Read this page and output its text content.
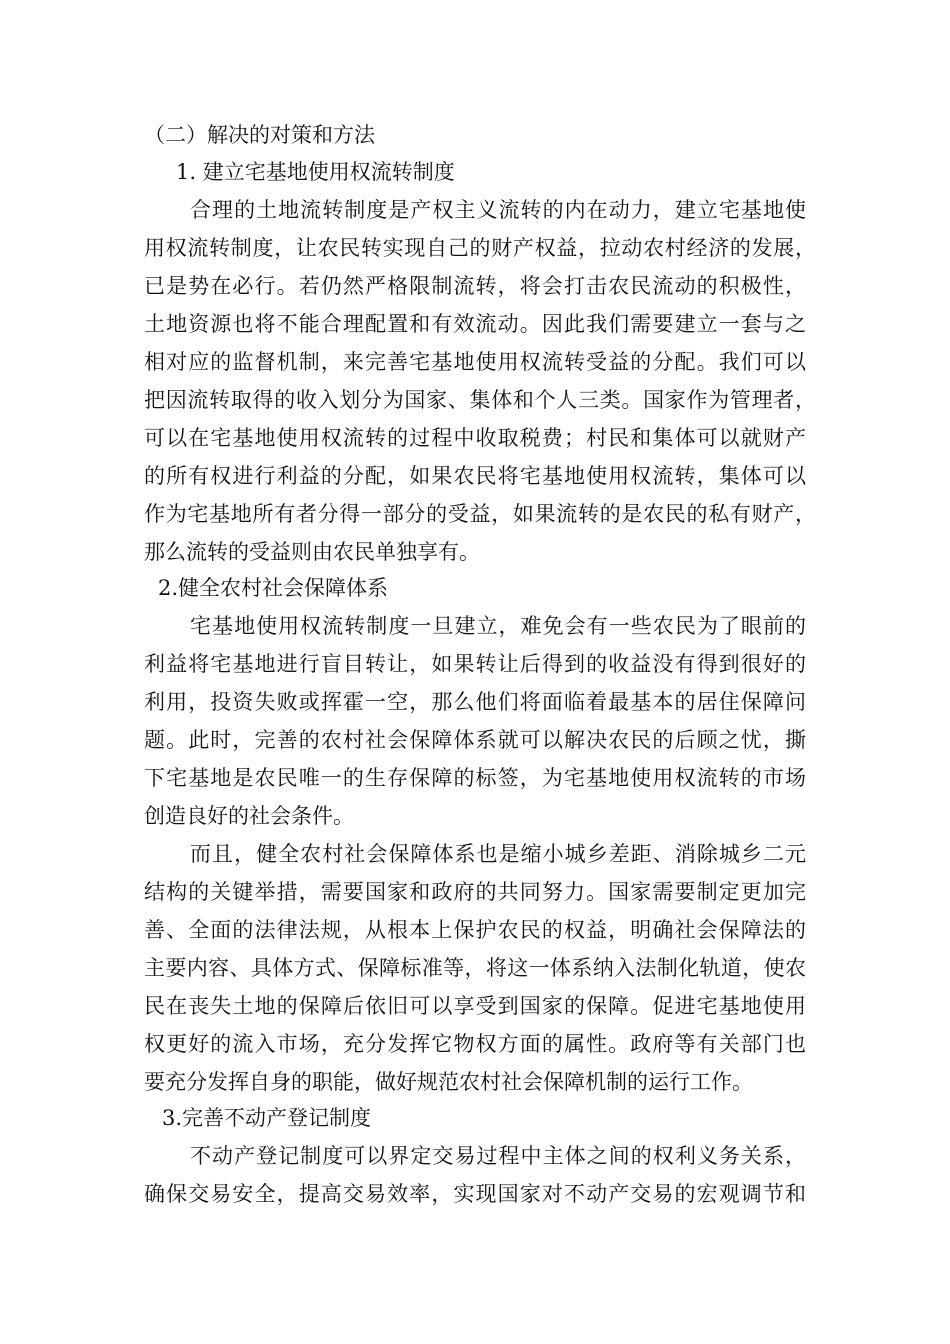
（二）解决的对策和方法
1. 建立宅基地使用权流转制度
合理的土地流转制度是产权主义流转的内在动力，建立宅基地使
用权流转制度，让农民转实现自己的财产权益，拉动农村经济的发展，
已是势在必行。若仍然严格限制流转，将会打击农民流动的积极性，
土地资源也将不能合理配置和有效流动。因此我们需要建立一套与之
相对应的监督机制，来完善宅基地使用权流转受益的分配。我们可以
把因流转取得的收入划分为国家、集体和个人三类。国家作为管理者，
可以在宅基地使用权流转的过程中收取税费；村民和集体可以就财产
的所有权进行利益的分配，如果农民将宅基地使用权流转，集体可以
作为宅基地所有者分得一部分的受益，如果流转的是农民的私有财产，
那么流转的受益则由农民单独享有。
2.健全农村社会保障体系
宅基地使用权流转制度一旦建立，难免会有一些农民为了眼前的
利益将宅基地进行盲目转让，如果转让后得到的收益没有得到很好的
利用，投资失败或挥霍一空，那么他们将面临着最基本的居住保障问
题。此时，完善的农村社会保障体系就可以解决农民的后顾之忧，撕
下宅基地是农民唯一的生存保障的标签，为宅基地使用权流转的市场
创造良好的社会条件。
而且，健全农村社会保障体系也是缩小城乡差距、消除城乡二元
结构的关键举措，需要国家和政府的共同努力。国家需要制定更加完
善、全面的法律法规，从根本上保护农民的权益，明确社会保障法的
主要内容、具体方式、保障标准等，将这一体系纳入法制化轨道，使农
民在丧失土地的保障后依旧可以享受到国家的保障。促进宅基地使用
权更好的流入市场，充分发挥它物权方面的属性。政府等有关部门也
要充分发挥自身的职能，做好规范农村社会保障机制的运行工作。
3.完善不动产登记制度
不动产登记制度可以界定交易过程中主体之间的权利义务关系，
确保交易安全，提高交易效率，实现国家对不动产交易的宏观调节和
